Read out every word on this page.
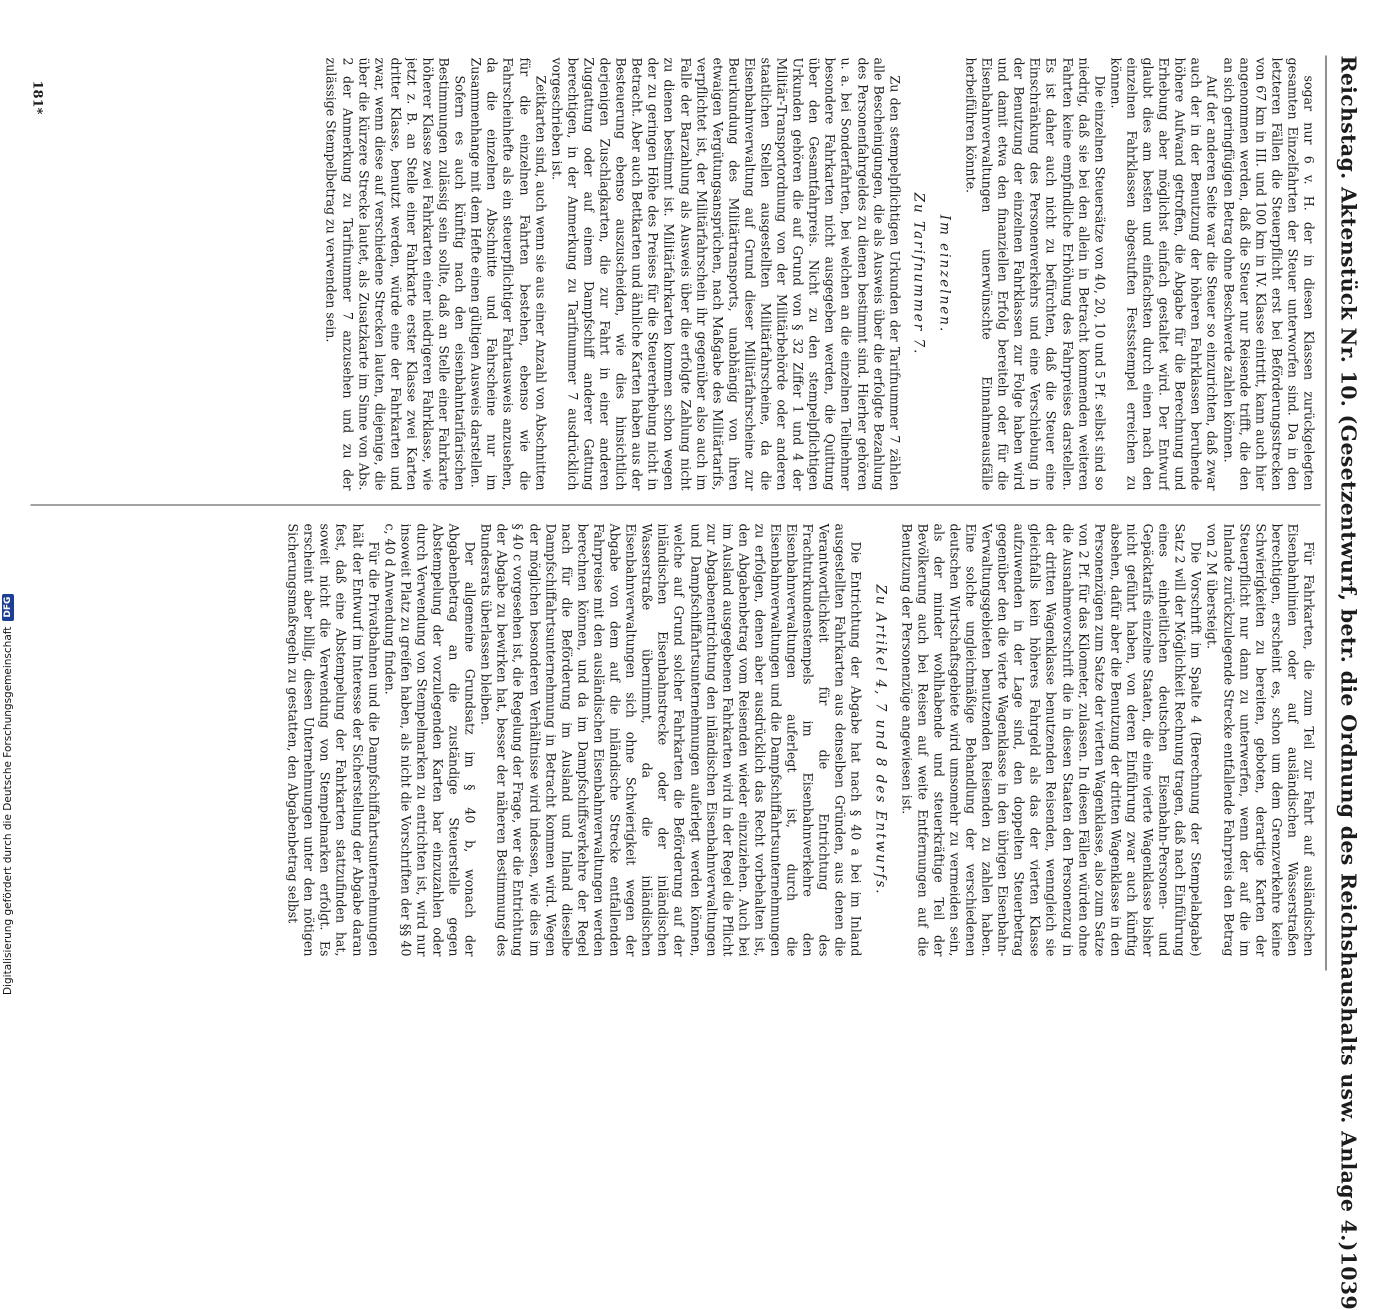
Reichstag. Aktenstück Nr. 10. (Gesetzentwurf, betr. die Ordnung des Reichshaushalts usw. Anlage 4.)
1039

sogar nur 6 v. H. der in diesen Klassen zurückgelegten gesamten Einzelfahrten der Steuer unterworfen sind. Da in den letzteren Fällen die Steuerpflicht erst bei Beförderungsstrecken von 67 km in III. und 100 km in IV. Klasse eintritt, kann auch hier angenommen werden, daß die Steuer nur Reisende trifft, die den an sich geringfügigen Betrag ohne Beschwerde zahlen können.

Auf der anderen Seite war die Steuer so einzurichten, daß zwar auch der in der Benutzung der höheren Fahrklassen beruhende höhere Aufwand getroffen, die Abgabe für die Berechnung und Erhebung aber möglichst einfach gestaltet wird. Der Entwurf glaubt dies am besten und einfachsten durch einen nach den einzelnen Fahrklassen abgestuften Festsstempel erreichen zu können.

Die einzelnen Steuersätze von 40, 20, 10 und 5 Pf. selbst sind so niedrig, daß sie bei den allein in Betracht kommenden weiteren Fahrten keine empfindliche Erhöhung des Fahrpreises darstellen. Es ist daher auch nicht zu befürchten, daß die Steuer eine Einschränkung des Personenverkehrs und eine Verschiebung in der Benutzung der einzelnen Fahrklassen zur Folge haben wird und damit etwa den finanziellen Erfolg bereiteln oder für die Eisenbahnverwaltungen unerwünschte Einnahmeausfälle herbeiführen könnte.

Im einzelnen.
Zu Tarifnummer 7.

Zu den stempelpflichtigen Urkunden der Tarifnummer 7 zählen alle Bescheinigungen, die als Ausweis über die erfolgte Bezahlung des Personenfahrgeldes zu dienen bestimmt sind. Hierher gehören u. a. bei Sonderfahrten, bei welchen an die einzelnen Teilnehmer besondere Fahrkarten nicht ausgegeben werden, die Quittung über den Gesamtfahrpreis. Nicht zu den stempelpflichtigen Urkunden gehören die auf Grund von § 32 Ziffer 1 und 4 der Militär-Transportordnung von der Militärbehörde oder anderen staatlichen Stellen ausgestellten Militärfahrscheine, da die Eisenbahnverwaltung auf Grund dieser Militärfahrscheine zur Beurkundung des Militärtransports, unabhängig von ihren etwaigen Vergütungsansprüchen, nach Maßgabe des Militärtarifs, verpflichtet ist, der Militärfahrschein ihr gegenüber also auch im Falle der Barzahlung als Ausweis über die erfolgte Zahlung nicht zu dienen bestimmt ist. Militärfahrkarten kommen schon wegen der zu geringen Höhe des Preises für die Steuererhebung nicht in Betracht. Aber auch Bettkarten und ähnliche Karten haben aus der Besteuerung ebenso auszuscheiden, wie dies hinsichtlich derjenigen Zuschlagkarten, die zur Fahrt in einer anderen Zuggattung oder auf einem Dampfschiff anderer Gattung berechtigen, in der Anmerkung zu Tarifnummer 7 ausdrücklich vorgeschrieben ist.

Zeitkarten sind, auch wenn sie aus einer Anzahl von Abschnitten für die einzelnen Fahrten bestehen, ebenso wie die Fahrscheinhefte als ein steuerpflichtiger Fahrtausweis anzusehen, da die einzelnen Abschnitte und Fahrscheine nur im Zusammenhange mit dem Hefte einen gültigen Ausweis darstellen.

Sofern es auch künftig nach den eisenbahntarifarischen Bestimmungen zulässig sein sollte, daß an Stelle einer Fahrkarte höherer Klasse zwei Fahrkarten einer niedrigeren Fahrklasse, wie jetzt z. B. an Stelle einer Fahrkarte erster Klasse zwei Karten dritter Klasse, benutzt werden, würde eine der Fahrkarten und zwar, wenn diese auf verschiedene Strecken lauten, diejenige, die über die kürzere Strecke lautet, als Zusatzkarte im Sinne von Abs. 2 der Anmerkung zu Tarifnummer 7 anzusehen und zu der zulässige Stempelbetrag zu verwenden sein.

Für Fahrkarten, die zum Teil zur Fahrt auf ausländischen Eisenbahnlinien oder auf ausländischen Wasserstraßen berechtigen, erscheint es, schon um dem Grenzverkehre keine Schwierigkeiten zu bereiten, geboten, derartige Karten der Steuerpflicht nur dann zu unterwerfen, wenn der auf die im Inlande zurückzulegende Strecke entfallende Fahrpreis den Betrag von 2 M übersteigt.

Die Vorschrift im Spalte 4 (Berechnung der Stempelabgabe) Satz 2 will der Möglichkeit Rechnung tragen, daß nach Einführung eines einheitlichen deutschen Eisenbahn-Personen- und Gepäcktarifs einzelne Staaten, die eine vierte Wagenklasse bisher nicht geführt haben, von deren Einführung zwar auch künftig absehen, dafür aber die Benutzung der dritten Wagenklasse in den Personenzügen zum Satze der vierten Wagenklasse, also zum Satze von 2 Pf. für das Kilometer, zulassen. In diesen Fällen würden ohne die Ausnahmevorschrift die in diesen Staaten den Personenzug in der dritten Wagenklasse benutzenden Reisenden, wenngleich sie gleichfalls kein höheres Fahrgeld als das der vierten Klasse aufzuwenden in der Lage sind, den doppelten Steuerbetrag gegenüber den die vierte Wagenklasse in den übrigen Eisenbahn-Verwaltungsgebieten benutzenden Reisenden zu zahlen haben. Eine solche ungleichmäßige Behandlung der verschiedenen deutschen Wirtschaftsgebiete wird umsomehr zu vermeiden sein, als der minder wohlhabende und steuerkräftige Teil der Bevölkerung auch bei Reisen auf weite Entfernungen auf die Benutzung der Personenzüge angewiesen ist.

Zu Artikel 4, 7 und 8 des Entwurfs.

Die Entrichtung der Abgabe hat nach § 40 a bei im Inland ausgestellten Fahrkarten aus denselben Gründen, aus denen die Verantwortlichkeit für die Entrichtung des Frachturkundenstempels im Eisenbahnverkehre den Eisenbahnverwaltungen auferlegt ist, durch die Eisenbahnverwaltungen und die Dampfschiffahrtsunternehmungen zu erfolgen, denen aber ausdrücklich das Recht vorbehalten ist, den Abgabenbetrag vom Reisenden wieder einzuziehen. Auch bei im Ausland ausgegebenen Fahrkarten wird in der Regel die Pflicht zur Abgabenentrichtung den inländischen Eisenbahnverwaltungen und Dampfschiffahrtsunternehmungen auferlegt werden können, welche auf Grund solcher Fahrkarten die Beförderung auf der inländischen Eisenbahnstrecke oder der inländischen Wasserstraße übernimmt, da die inländischen Eisenbahnverwaltungen sich ohne Schwierigkeit wegen der Abgabe von dem auf die inländische Strecke entfallenden Fahrpreise mit den ausländischen Eisenbahnverwaltungen werden berechnen können, und da im Dampfschiffsverkehre der Regel nach für die Beförderung im Ausland und Inland dieselbe Dampfschiffahrtsunternehmung in Betracht kommen wird. Wegen der möglichen besonderen Verhältnisse wird indessen, wie dies im § 40 c vorgesehen ist, die Regelung der Frage, wer die Entrichtung der Abgabe zu bewirken hat, besser der näheren Bestimmung des Bundesrats überlassen bleiben.

Der allgemeine Grundsatz im § 40 b, wonach der Abgabenbetrag an die zuständige Steuerstelle gegen Abstempelung der vorzulegenden Karten bar einzuzahlen oder durch Verwendung von Stempelmarken zu entrichten ist, wird nur insoweit Platz zu greifen haben, als nicht die Vorschriften der §§ 40 c, 40 d Anwendung finden.

Für die Privatbahnen und die Dampfschiffahrtsunternehmungen hält der Entwurf im Interesse der Sicherstellung der Abgabe daran fest, daß eine Abstempelung der Fahrkarten stattzufinden hat, soweit nicht die Verwendung von Stempelmarken erfolgt. Es erscheint aber billig, diesen Unternehmungen unter den nötigen Sicherungsmaßregeln zu gestatten, den Abgabenbetrag selbst

181*
Digitalisierung gefördert durch die Deutsche Forschungsgemeinschaft
DFG
